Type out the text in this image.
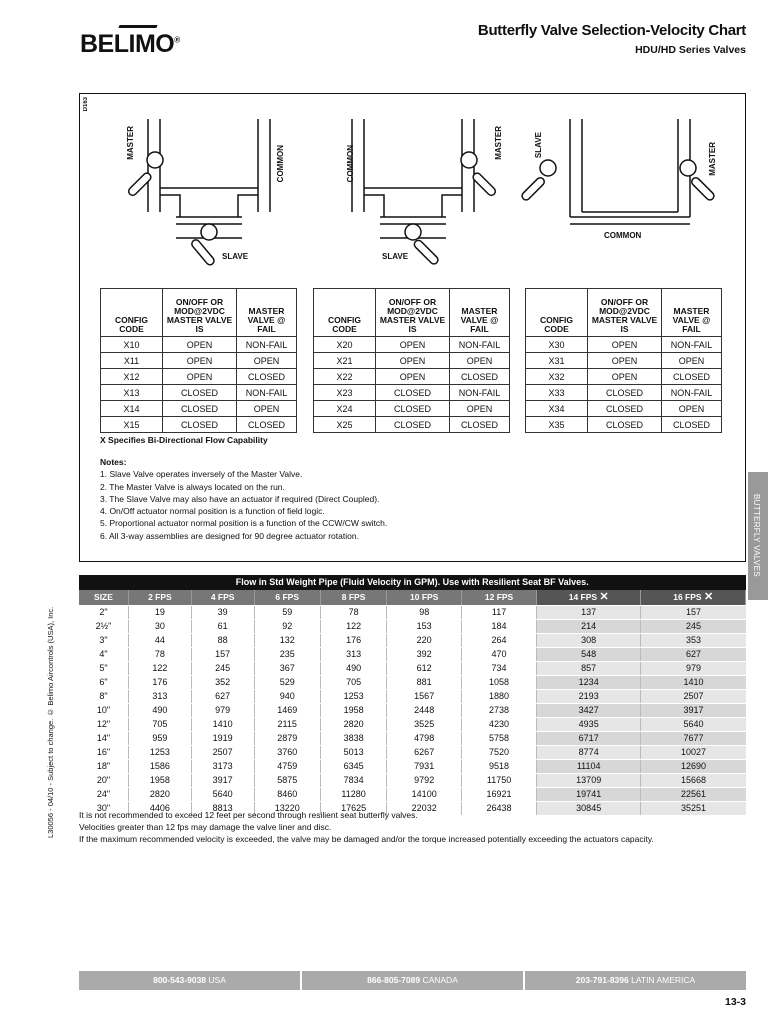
BELIMO®
Butterfly Valve Selection-Velocity Chart
HDU/HD Series Valves
D163
MASTER
COMMON
SLAVE
COMMON
MASTER
SLAVE
SLAVE	MASTER
COMMON
CONFIG CODE	ON/OFF OR MOD@2VDC MASTER VALVE IS	MASTER VALVE @ FAIL
X10	OPEN	NON-FAIL
X11	OPEN	OPEN
X12	OPEN	CLOSED
X13	CLOSED	NON-FAIL
X14	CLOSED	OPEN
X15	CLOSED	CLOSED
CONFIG CODE	ON/OFF OR MOD@2VDC MASTER VALVE IS	MASTER VALVE @ FAIL
X20	OPEN	NON-FAIL
X21	OPEN	OPEN
X22	OPEN	CLOSED
X23	CLOSED	NON-FAIL
X24	CLOSED	OPEN
X25	CLOSED	CLOSED
CONFIG CODE	ON/OFF OR MOD@2VDC MASTER VALVE IS	MASTER VALVE @ FAIL
X30	OPEN	NON-FAIL
X31	OPEN	OPEN
X32	OPEN	CLOSED
X33	CLOSED	NON-FAIL
X34	CLOSED	OPEN
X35	CLOSED	CLOSED
X Specifies Bi-Directional Flow Capability
Notes:
1. Slave Valve operates inversely of the Master Valve.
2. The Master Valve is always located on the run.
3. The Slave Valve may also have an actuator if required (Direct Coupled).
4. On/Off actuator normal position is a function of field logic.
5. Proportional actuator normal position is a function of the CCW/CW switch.
6. All 3-way assemblies are designed for 90 degree actuator rotation.	BUTTERFLY VALVES
L30056 - 04/10 - Subject to change. © Belimo Aircontrols (USA), Inc.
Flow in Std Weight Pipe (Fluid Velocity in GPM). Use with Resilient Seat BF Valves.								
SIZE	2 FPS	4 FPS	6 FPS	8 FPS	10 FPS	12 FPS	14 FPS ✕	16 FPS ✕
2"	19	39	59	78	98	117	137	157
2½"	30	61	92	122	153	184	214	245
3"	44	88	132	176	220	264	308	353
4"	78	157	235	313	392	470	548	627
5"	122	245	367	490	612	734	857	979
6"	176	352	529	705	881	1058	1234	1410
8"	313	627	940	1253	1567	1880	2193	2507
10"	490	979	1469	1958	2448	2738	3427	3917
12"	705	1410	2115	2820	3525	4230	4935	5640
14"	959	1919	2879	3838	4798	5758	6717	7677
16"	1253	2507	3760	5013	6267	7520	8774	10027
18"	1586	3173	4759	6345	7931	9518	11104	12690
20"	1958	3917	5875	7834	9792	11750	13709	15668
24"	2820	5640	8460	11280	14100	16921	19741	22561
30"	4406	8813	13220	17625	22032	26438	30845	35251
It is not recommended to exceed 12 feet per second through resilient seat butterfly valves.
Velocities greater than 12 fps may damage the valve liner and disc.
If the maximum recommended velocity is exceeded, the valve may be damaged and/or the torque increased potentially exceeding the actuators capacity.
800-543-9038 USA	866-805-7089 CANADA	203-791-8396 LATIN AMERICA
13-3
